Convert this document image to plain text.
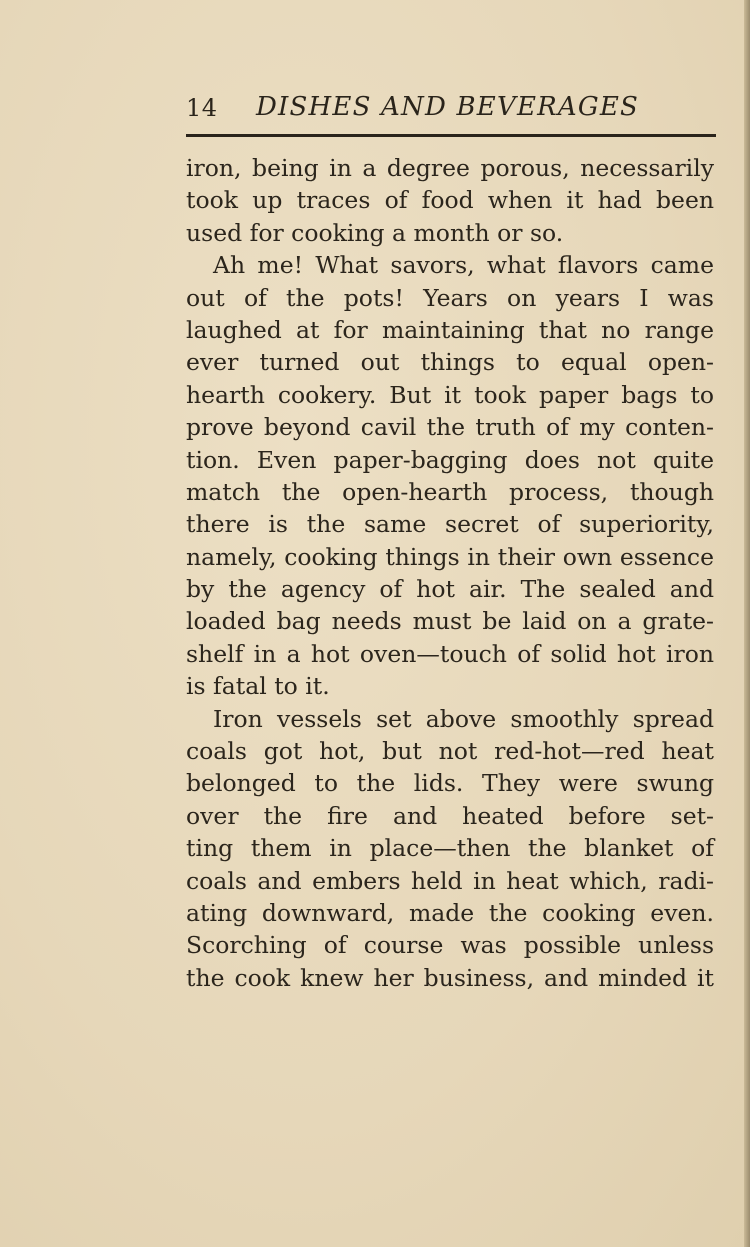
14 DISHES AND BEVERAGES
iron, being in a degree porous, necessarily
took up traces of food when it had been
used for cooking a month or so.
Ah me! What savors, what flavors came
out of the pots! Years on years I was
laughed at for maintaining that no range
ever turned out things to equal open-
hearth cookery. But it took paper bags to
prove beyond cavil the truth of my conten-
tion. Even paper-bagging does not quite
match the open-hearth process, though
there is the same secret of superiority,
namely, cooking things in their own essence
by the agency of hot air. The sealed and
loaded bag needs must be laid on a grate-
shelf in a hot oven—touch of solid hot iron
is fatal to it.
Iron vessels set above smoothly spread
coals got hot, but not red-hot—red heat
belonged to the lids. They were swung
over the fire and heated before set-
ting them in place—then the blanket of
coals and embers held in heat which, radi-
ating downward, made the cooking even.
Scorching of course was possible unless
the cook knew her business, and minded it
